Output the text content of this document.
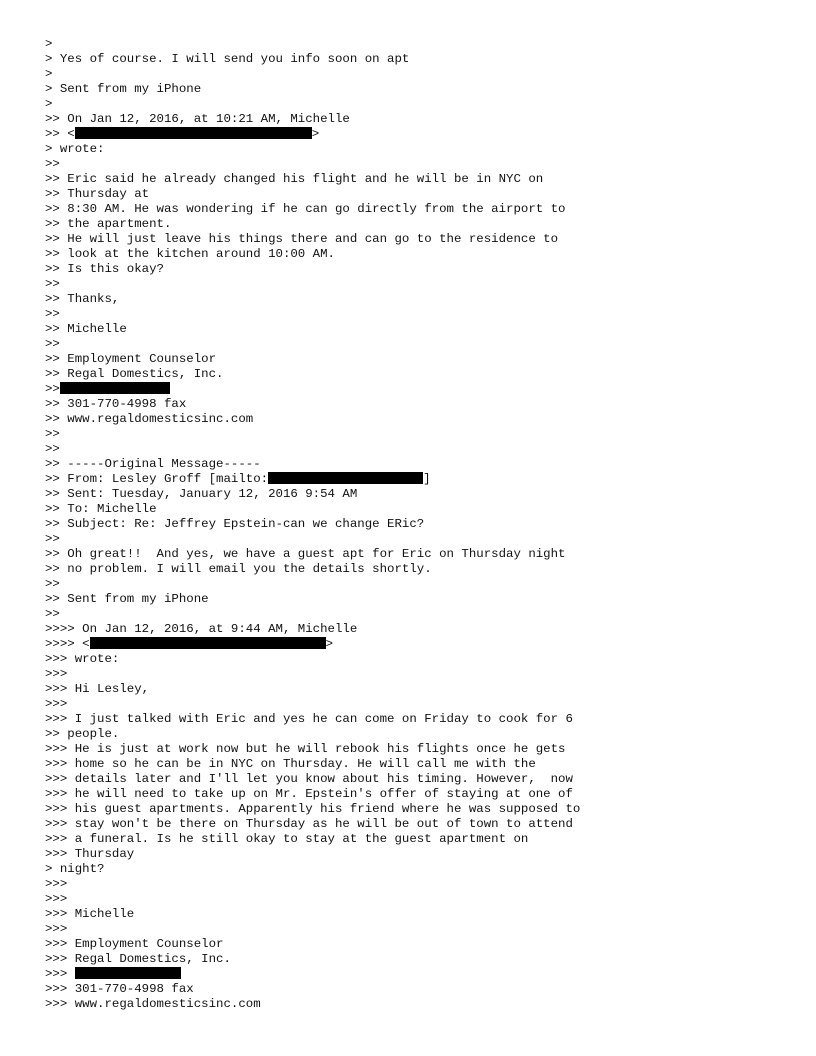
>
> Yes of course. I will send you info soon on apt
>
> Sent from my iPhone
>
>> On Jan 12, 2016, at 10:21 AM, Michelle
>> <	>
> wrote:
>>
>> Eric said he already changed his flight and he will be in NYC on
>> Thursday at
>> 8:30 AM. He was wondering if he can go directly from the airport to
>> the apartment.
>> He will just leave his things there and can go to the residence to
>> look at the kitchen around 10:00 AM.
>> Is this okay?
>>
>> Thanks,
>>
>> Michelle
>>
>> Employment Counselor
>> Regal Domestics, Inc.
>>
>> 301-770-4998 fax
>> www.regaldomesticsinc.com
>>
>>
>> -----Original Message-----
>> From: Lesley Groff [mailto:	]
>> Sent: Tuesday, January 12, 2016 9:54 AM
>> To: Michelle
>> Subject: Re: Jeffrey Epstein-can we change ERic?
>>
>> Oh great!!  And yes, we have a guest apt for Eric on Thursday night
>> no problem. I will email you the details shortly.
>>
>> Sent from my iPhone
>>
>>>> On Jan 12, 2016, at 9:44 AM, Michelle
>>>> <	>
>>> wrote:
>>>
>>> Hi Lesley,
>>>
>>> I just talked with Eric and yes he can come on Friday to cook for 6
>> people.
>>> He is just at work now but he will rebook his flights once he gets
>>> home so he can be in NYC on Thursday. He will call me with the
>>> details later and I'll let you know about his timing. However,  now
>>> he will need to take up on Mr. Epstein's offer of staying at one of
>>> his guest apartments. Apparently his friend where he was supposed to
>>> stay won't be there on Thursday as he will be out of town to attend
>>> a funeral. Is he still okay to stay at the guest apartment on
>>> Thursday
> night?
>>>
>>>
>>> Michelle
>>>
>>> Employment Counselor
>>> Regal Domestics, Inc.
>>>
>>> 301-770-4998 fax
>>> www.regaldomesticsinc.com
